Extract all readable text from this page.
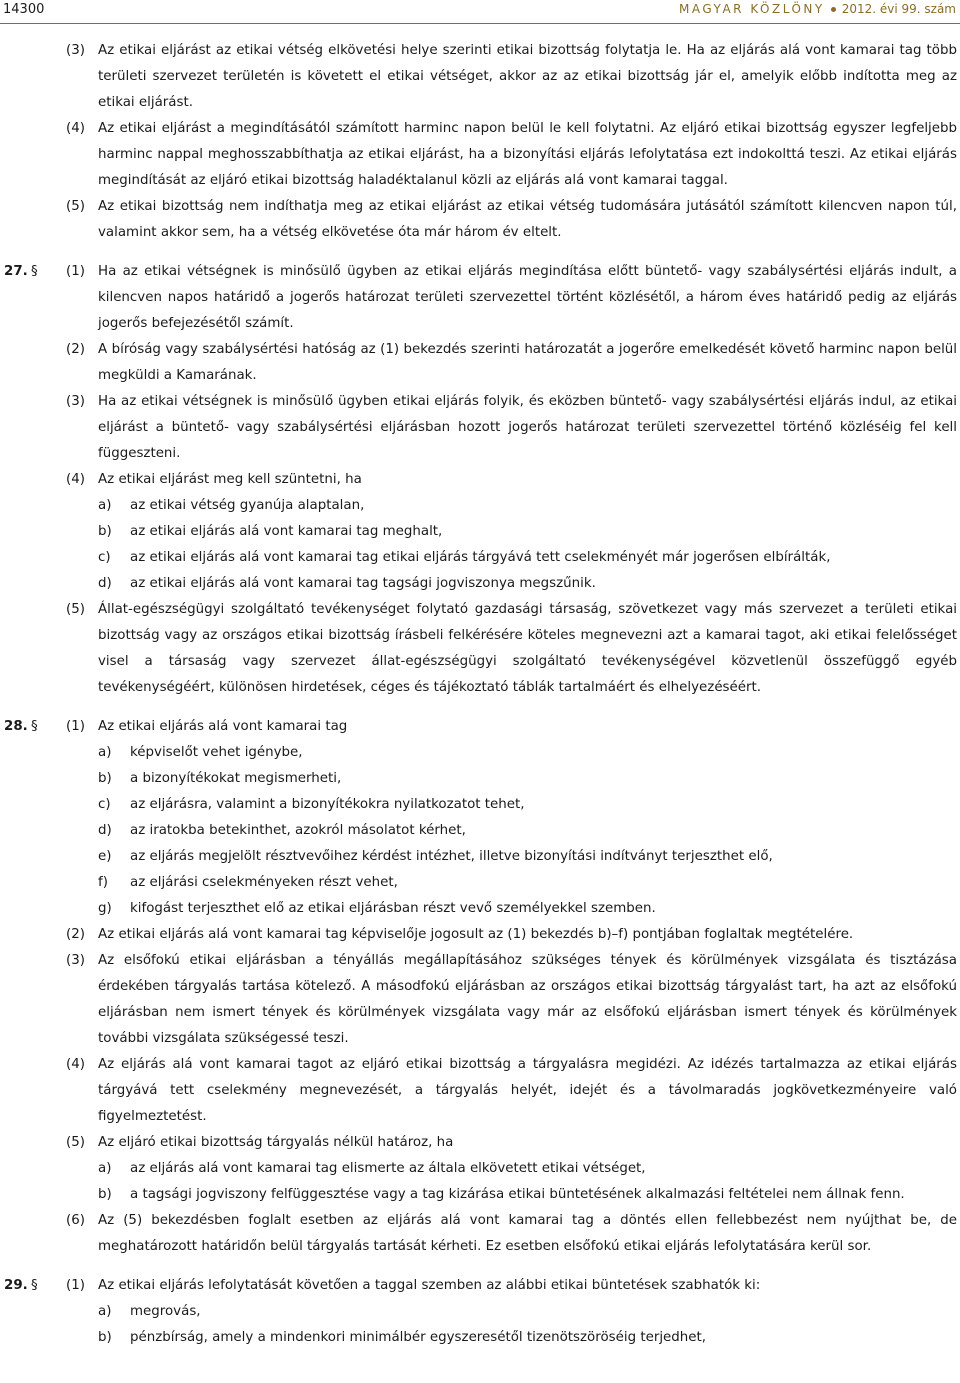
14300	MAGYAR KÖZLÖNY 2012. évi 99. szám
(3) Az etikai eljárást az etikai vétség elkövetési helye szerinti etikai bizottság folytatja le. Ha az eljárás alá vont kamarai tag több területi szervezet területén is követett el etikai vétséget, akkor az az etikai bizottság jár el, amelyik előbb indította meg az etikai eljárást.
(4) Az etikai eljárást a megindításától számított harminc napon belül le kell folytatni. Az eljáró etikai bizottság egyszer legfeljebb harminc nappal meghosszabbíthatja az etikai eljárást, ha a bizonyítási eljárás lefolytatása ezt indokolttá teszi. Az etikai eljárás megindítását az eljáró etikai bizottság haladéktalanul közli az eljárás alá vont kamarai taggal.
(5) Az etikai bizottság nem indíthatja meg az etikai eljárást az etikai vétség tudomására jutásától számított kilencven napon túl, valamint akkor sem, ha a vétség elkövetése óta már három év eltelt.
27. §	(1) Ha az etikai vétségnek is minősülő ügyben az etikai eljárás megindítása előtt büntető- vagy szabálysértési eljárás indult, a kilencven napos határidő a jogerős határozat területi szervezettel történt közlésétől, a három éves határidő pedig az eljárás jogerős befejezésétől számít.
(2) A bíróság vagy szabálysértési hatóság az (1) bekezdés szerinti határozatát a jogerőre emelkedését követő harminc napon belül megküldi a Kamarának.
(3) Ha az etikai vétségnek is minősülő ügyben etikai eljárás folyik, és eközben büntető- vagy szabálysértési eljárás indul, az etikai eljárást a büntető- vagy szabálysértési eljárásban hozott jogerős határozat területi szervezettel történő közléséig fel kell függeszteni.
(4) Az etikai eljárást meg kell szüntetni, ha
a)	az etikai vétség gyanúja alaptalan,
b)	az etikai eljárás alá vont kamarai tag meghalt,
c)	az etikai eljárás alá vont kamarai tag etikai eljárás tárgyává tett cselekményét már jogerősen elbírálták,
d)	az etikai eljárás alá vont kamarai tag tagsági jogviszonya megszűnik.
(5) Állat-egészségügyi szolgáltató tevékenységet folytató gazdasági társaság, szövetkezet vagy más szervezet a területi etikai bizottság vagy az országos etikai bizottság írásbeli felkérésére köteles megnevezni azt a kamarai tagot, aki etikai felelősséget visel a társaság vagy szervezet állat-egészségügyi szolgáltató tevékenységével közvetlenül összefüggő egyéb tevékenységéért, különösen hirdetések, céges és tájékoztató táblák tartalmáért és elhelyezéséért.
28. §	(1) Az etikai eljárás alá vont kamarai tag
a)	képviselőt vehet igénybe,
b)	a bizonyítékokat megismerheti,
c)	az eljárásra, valamint a bizonyítékokra nyilatkozatot tehet,
d)	az iratokba betekinthet, azokról másolatot kérhet,
e)	az eljárás megjelölt résztvevőihez kérdést intézhet, illetve bizonyítási indítványt terjeszthet elő,
f)	az eljárási cselekményeken részt vehet,
g)	kifogást terjeszthet elő az etikai eljárásban részt vevő személyekkel szemben.
(2) Az etikai eljárás alá vont kamarai tag képviselője jogosult az (1) bekezdés b)–f) pontjában foglaltak megtételére.
(3) Az elsőfokú etikai eljárásban a tényállás megállapításához szükséges tények és körülmények vizsgálata és tisztázása érdekében tárgyalás tartása kötelező. A másodfokú eljárásban az országos etikai bizottság tárgyalást tart, ha azt az elsőfokú eljárásban nem ismert tények és körülmények vizsgálata vagy már az elsőfokú eljárásban ismert tények és körülmények további vizsgálata szükségessé teszi.
(4) Az eljárás alá vont kamarai tagot az eljáró etikai bizottság a tárgyalásra megidézi. Az idézés tartalmazza az etikai eljárás tárgyává tett cselekmény megnevezését, a tárgyalás helyét, idejét és a távolmaradás jogkövetkezményeire való figyelmeztetést.
(5) Az eljáró etikai bizottság tárgyalás nélkül határoz, ha
a)	az eljárás alá vont kamarai tag elismerte az általa elkövetett etikai vétséget,
b)	a tagsági jogviszony felfüggesztése vagy a tag kizárása etikai büntetésének alkalmazási feltételei nem állnak fenn.
(6) Az (5) bekezdésben foglalt esetben az eljárás alá vont kamarai tag a döntés ellen fellebbezést nem nyújthat be, de meghatározott határidőn belül tárgyalás tartását kérheti. Ez esetben elsőfokú etikai eljárás lefolytatására kerül sor.
29. §	(1) Az etikai eljárás lefolytatását követően a taggal szemben az alábbi etikai büntetések szabhatók ki:
a)	megrovás,
b)	pénzbírság, amely a mindenkori minimálbér egyszeresétől tizenötszöröséig terjedhet,
